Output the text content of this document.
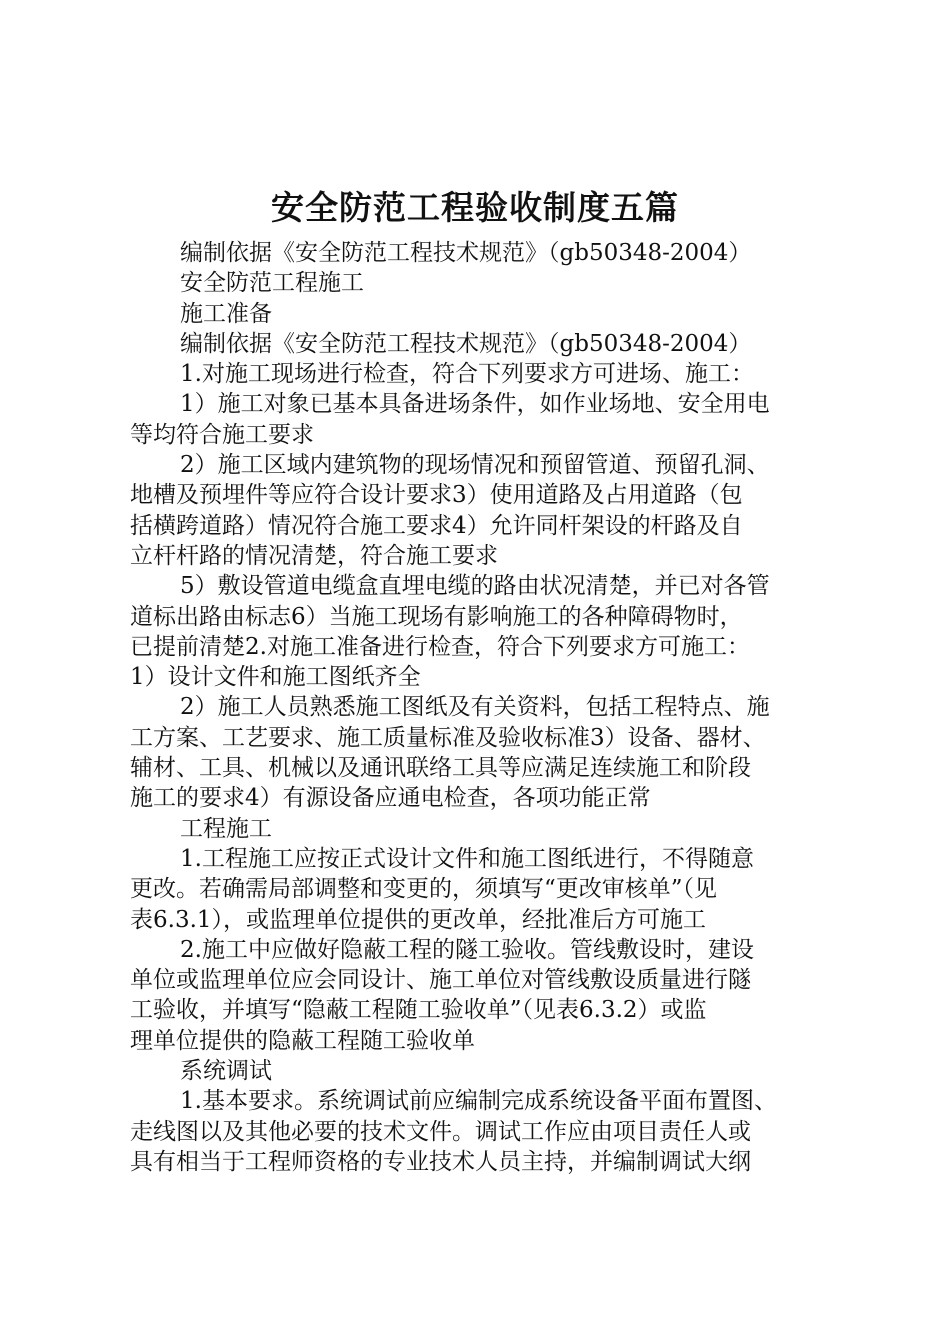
安全防范工程验收制度五篇
编制依据《安全防范工程技术规范》（gb50348-2004）
安全防范工程施工
施工准备
编制依据《安全防范工程技术规范》（gb50348-2004）
1.对施工现场进行检查，符合下列要求方可进场、施工：
1）施工对象已基本具备进场条件，如作业场地、安全用电
等均符合施工要求
2）施工区域内建筑物的现场情况和预留管道、预留孔洞、
地槽及预埋件等应符合设计要求3）使用道路及占用道路（包
括横跨道路）情况符合施工要求4）允许同杆架设的杆路及自
立杆杆路的情况清楚，符合施工要求
5）敷设管道电缆盒直埋电缆的路由状况清楚，并已对各管
道标出路由标志6）当施工现场有影响施工的各种障碍物时，
已提前清楚2.对施工准备进行检查，符合下列要求方可施工：
1）设计文件和施工图纸齐全
2）施工人员熟悉施工图纸及有关资料，包括工程特点、施
工方案、工艺要求、施工质量标准及验收标准3）设备、器材、
辅材、工具、机械以及通讯联络工具等应满足连续施工和阶段
施工的要求4）有源设备应通电检查，各项功能正常
工程施工
1.工程施工应按正式设计文件和施工图纸进行，不得随意
更改。若确需局部调整和变更的，须填写“更改审核单”（见
表6.3.1），或监理单位提供的更改单，经批准后方可施工
2.施工中应做好隐蔽工程的隧工验收。管线敷设时，建设
单位或监理单位应会同设计、施工单位对管线敷设质量进行隧
工验收，并填写“隐蔽工程随工验收单”（见表6.3.2）或监
理单位提供的隐蔽工程随工验收单
系统调试
1.基本要求。系统调试前应编制完成系统设备平面布置图、
走线图以及其他必要的技术文件。调试工作应由项目责任人或
具有相当于工程师资格的专业技术人员主持，并编制调试大纲
